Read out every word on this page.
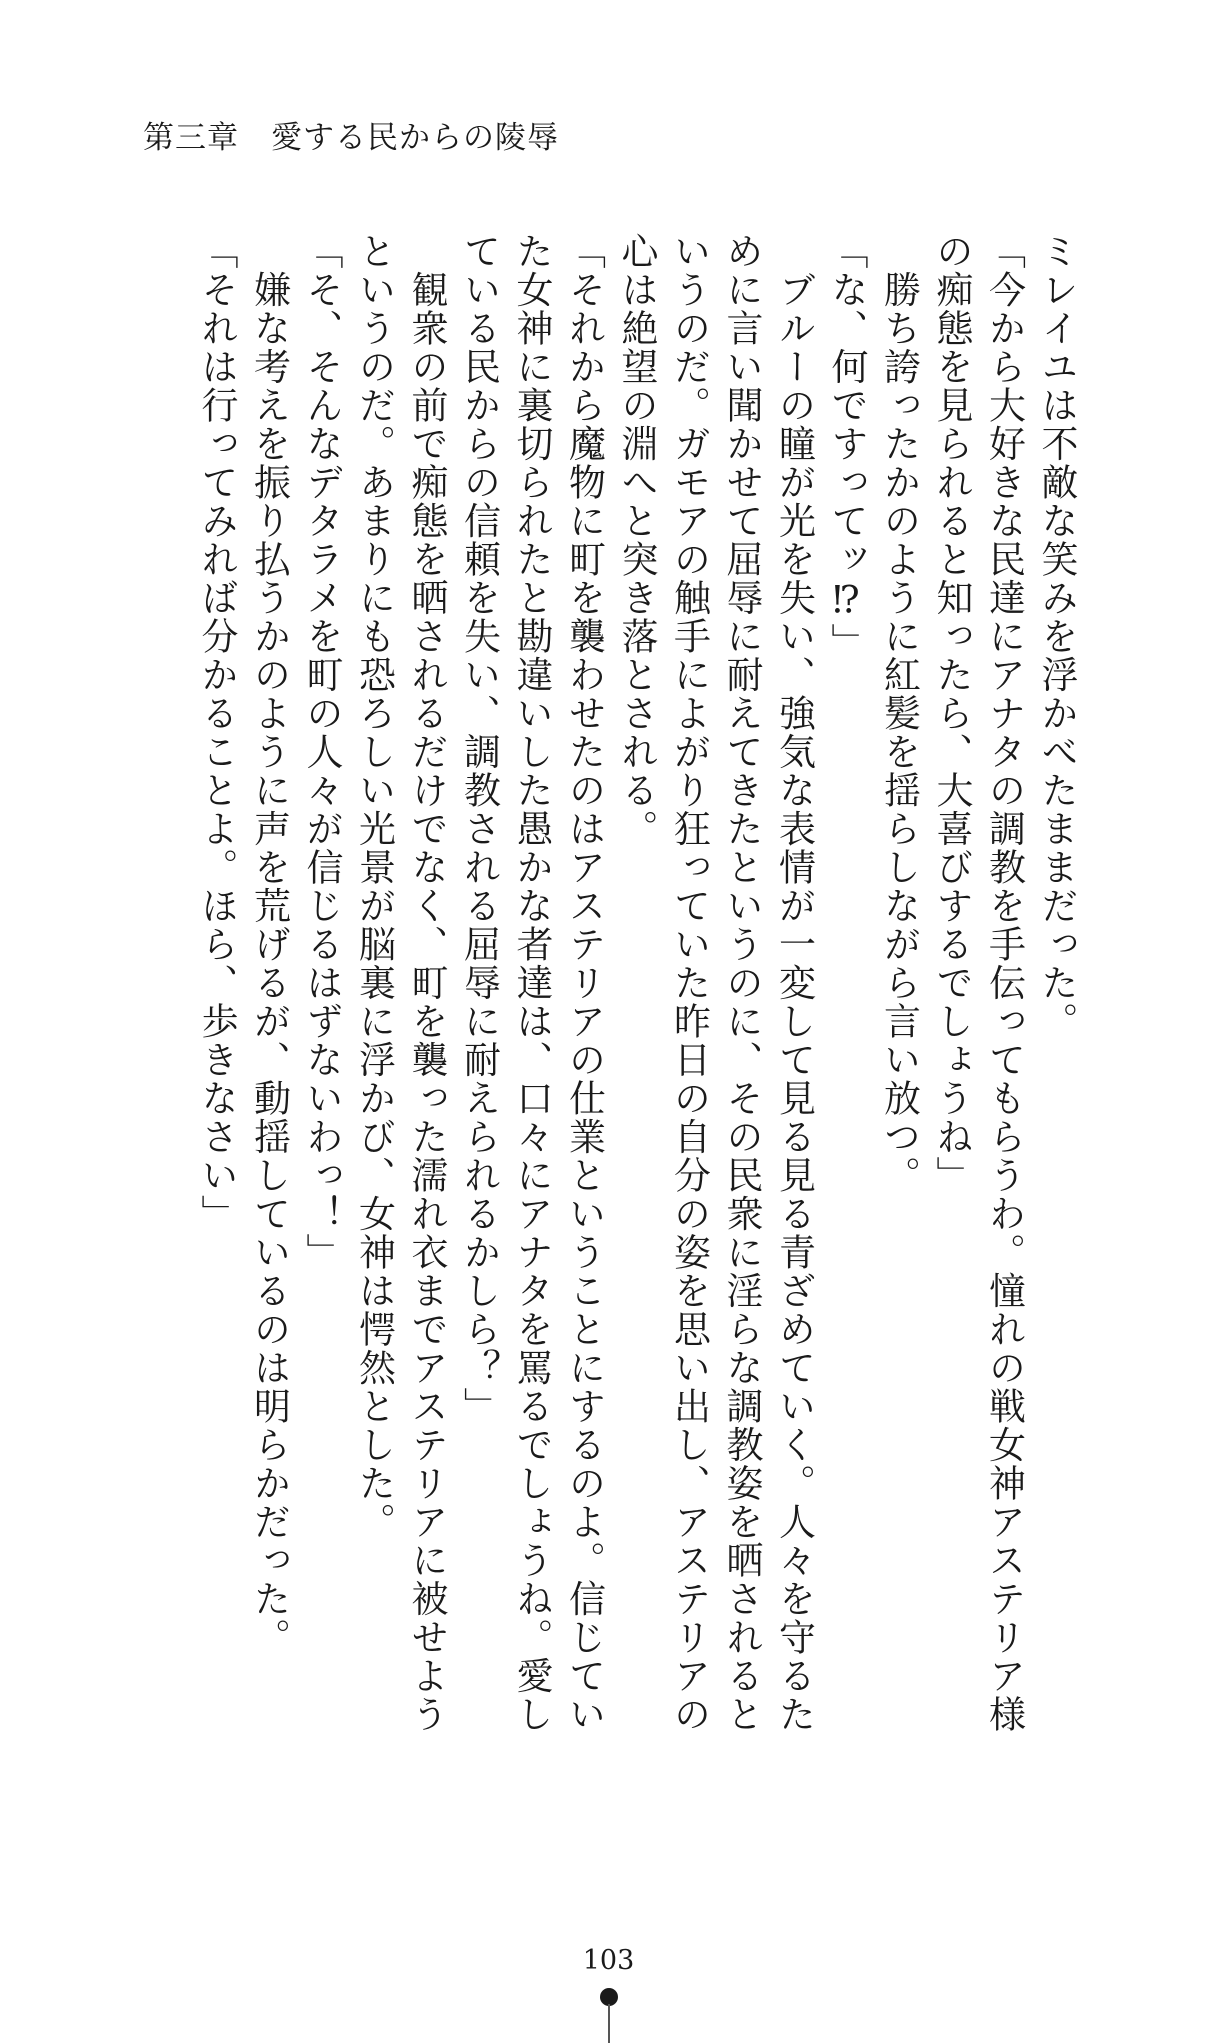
第三章　愛する民からの陵辱

ミレイユは不敵な笑みを浮かべたままだった。

「今から大好きな民達にアナタの調教を手伝ってもらうわ。憧れの戦女神アステリア様の痴態を見られると知ったら、大喜びするでしょうね」

　勝ち誇ったかのように紅髪を揺らしながら言い放つ。

「な、何ですってッ⁉」

　ブルーの瞳が光を失い、強気な表情が一変して見る見る青ざめていく。人々を守るために言い聞かせて屈辱に耐えてきたというのに、その民衆に淫らな調教姿を晒されるというのだ。ガモアの触手によがり狂っていた昨日の自分の姿を思い出し、アステリアの心は絶望の淵へと突き落とされる。

「それから魔物に町を襲わせたのはアステリアの仕業ということにするのよ。信じていた女神に裏切られたと勘違いした愚かな者達は、口々にアナタを罵るでしょうね。愛している民からの信頼を失い、調教される屈辱に耐えられるかしら？」

　観衆の前で痴態を晒されるだけでなく、町を襲った濡れ衣までアステリアに被せようというのだ。あまりにも恐ろしい光景が脳裏に浮かび、女神は愕然とした。

「そ、そんなデタラメを町の人々が信じるはずないわっ！」

　嫌な考えを振り払うかのように声を荒げるが、動揺しているのは明らかだった。

「それは行ってみれば分かることよ。ほら、歩きなさい」

103
